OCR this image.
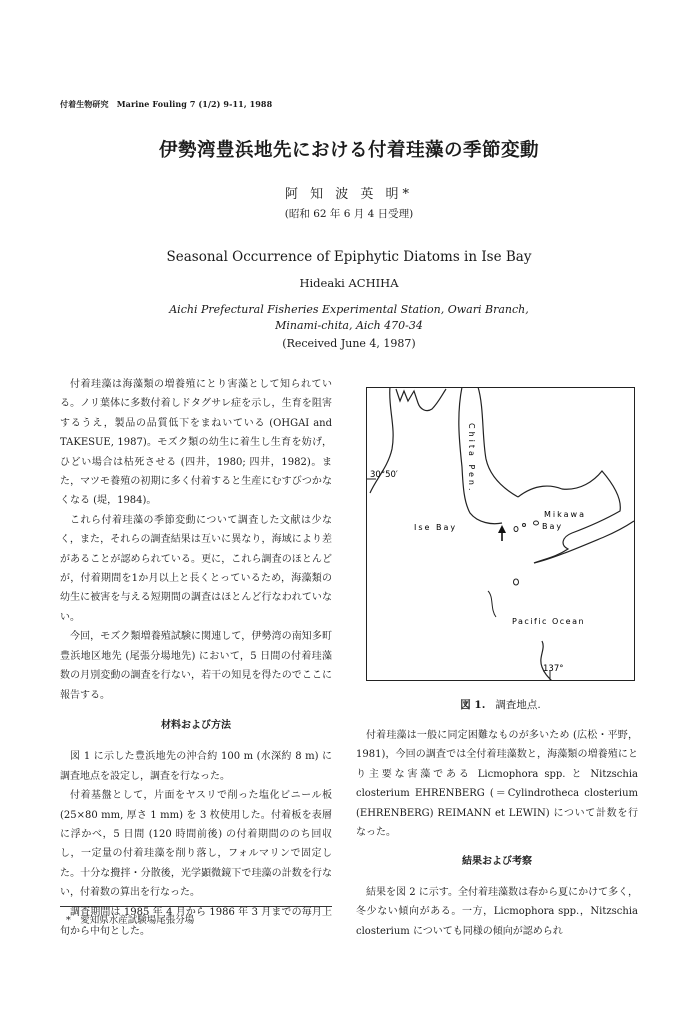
付着生物研究　Marine Fouling 7 (1/2) 9-11, 1988
伊勢湾豊浜地先における付着珪藻の季節変動
阿 知 波 英 明*
(昭和 62 年 6 月 4 日受理)
Seasonal Occurrence of Epiphytic Diatoms in Ise Bay
Hideaki ACHIHA
Aichi Prefectural Fisheries Experimental Station, Owari Branch,
Minami-chita, Aich 470-34
(Received June 4, 1987)

付着珪藻は海藻類の増養殖にとり害藻として知られている。ノリ葉体に多数付着しドタグサレ症を示し，生育を阻害するうえ，製品の品質低下をまねいている (OHGAI and TAKESUE, 1987)。モズク類の幼生に着生し生育を妨げ，ひどい場合は枯死させる (四井，1980; 四井，1982)。また，マツモ養殖の初期に多く付着すると生産にむすびつかなくなる (堤，1984)。

これら付着珪藻の季節変動について調査した文献は少なく，また，それらの調査結果は互いに異なり，海域により差があることが認められている。更に，これら調査のほとんどが，付着期間を1か月以上と長くとっているため，海藻類の幼生に被害を与える短期間の調査はほとんど行なわれていない。

今回，モズク類増養殖試験に関連して，伊勢湾の南知多町豊浜地区地先 (尾張分場地先) において，5 日間の付着珪藻数の月別変動の調査を行ない，若干の知見を得たのでここに報告する。

材料および方法

図 1 に示した豊浜地先の沖合約 100 m (水深約 8 m) に調査地点を設定し，調査を行なった。

付着基盤として，片面をヤスリで削った塩化ビニール板 (25×80 mm, 厚さ 1 mm) を 3 枚使用した。付着板を表層に浮かべ，5 日間 (120 時間前後) の付着期間ののち回収し，一定量の付着珪藻を削り落し，フォルマリンで固定した。十分な攪拌・分散後，光学顕微鏡下で珪藻の計数を行ない，付着数の算出を行なった。

調査期間は 1985 年 4 月から 1986 年 3 月までの毎月上旬から中旬とした。

*　愛知県水産試験場尾張分場
30°50′
137°
Ise Bay
Mikawa
Bay
Pacific Ocean
Chita Pen.
図 1. 調査地点.

付着珪藻は一般に同定困難なものが多いため (広松・平野，1981)，今回の調査では全付着珪藻数と，海藻類の増養殖にとり主要な害藻である Licmophora spp. と Nitzschia closterium EHRENBERG (＝Cylindrotheca closterium (EHRENBERG) REIMANN et LEWIN) について計数を行なった。

結果および考察

結果を図 2 に示す。全付着珪藻数は春から夏にかけて多く，冬少ない傾向がある。一方，Licmophora spp.，Nitzschia closterium についても同様の傾向が認められ
